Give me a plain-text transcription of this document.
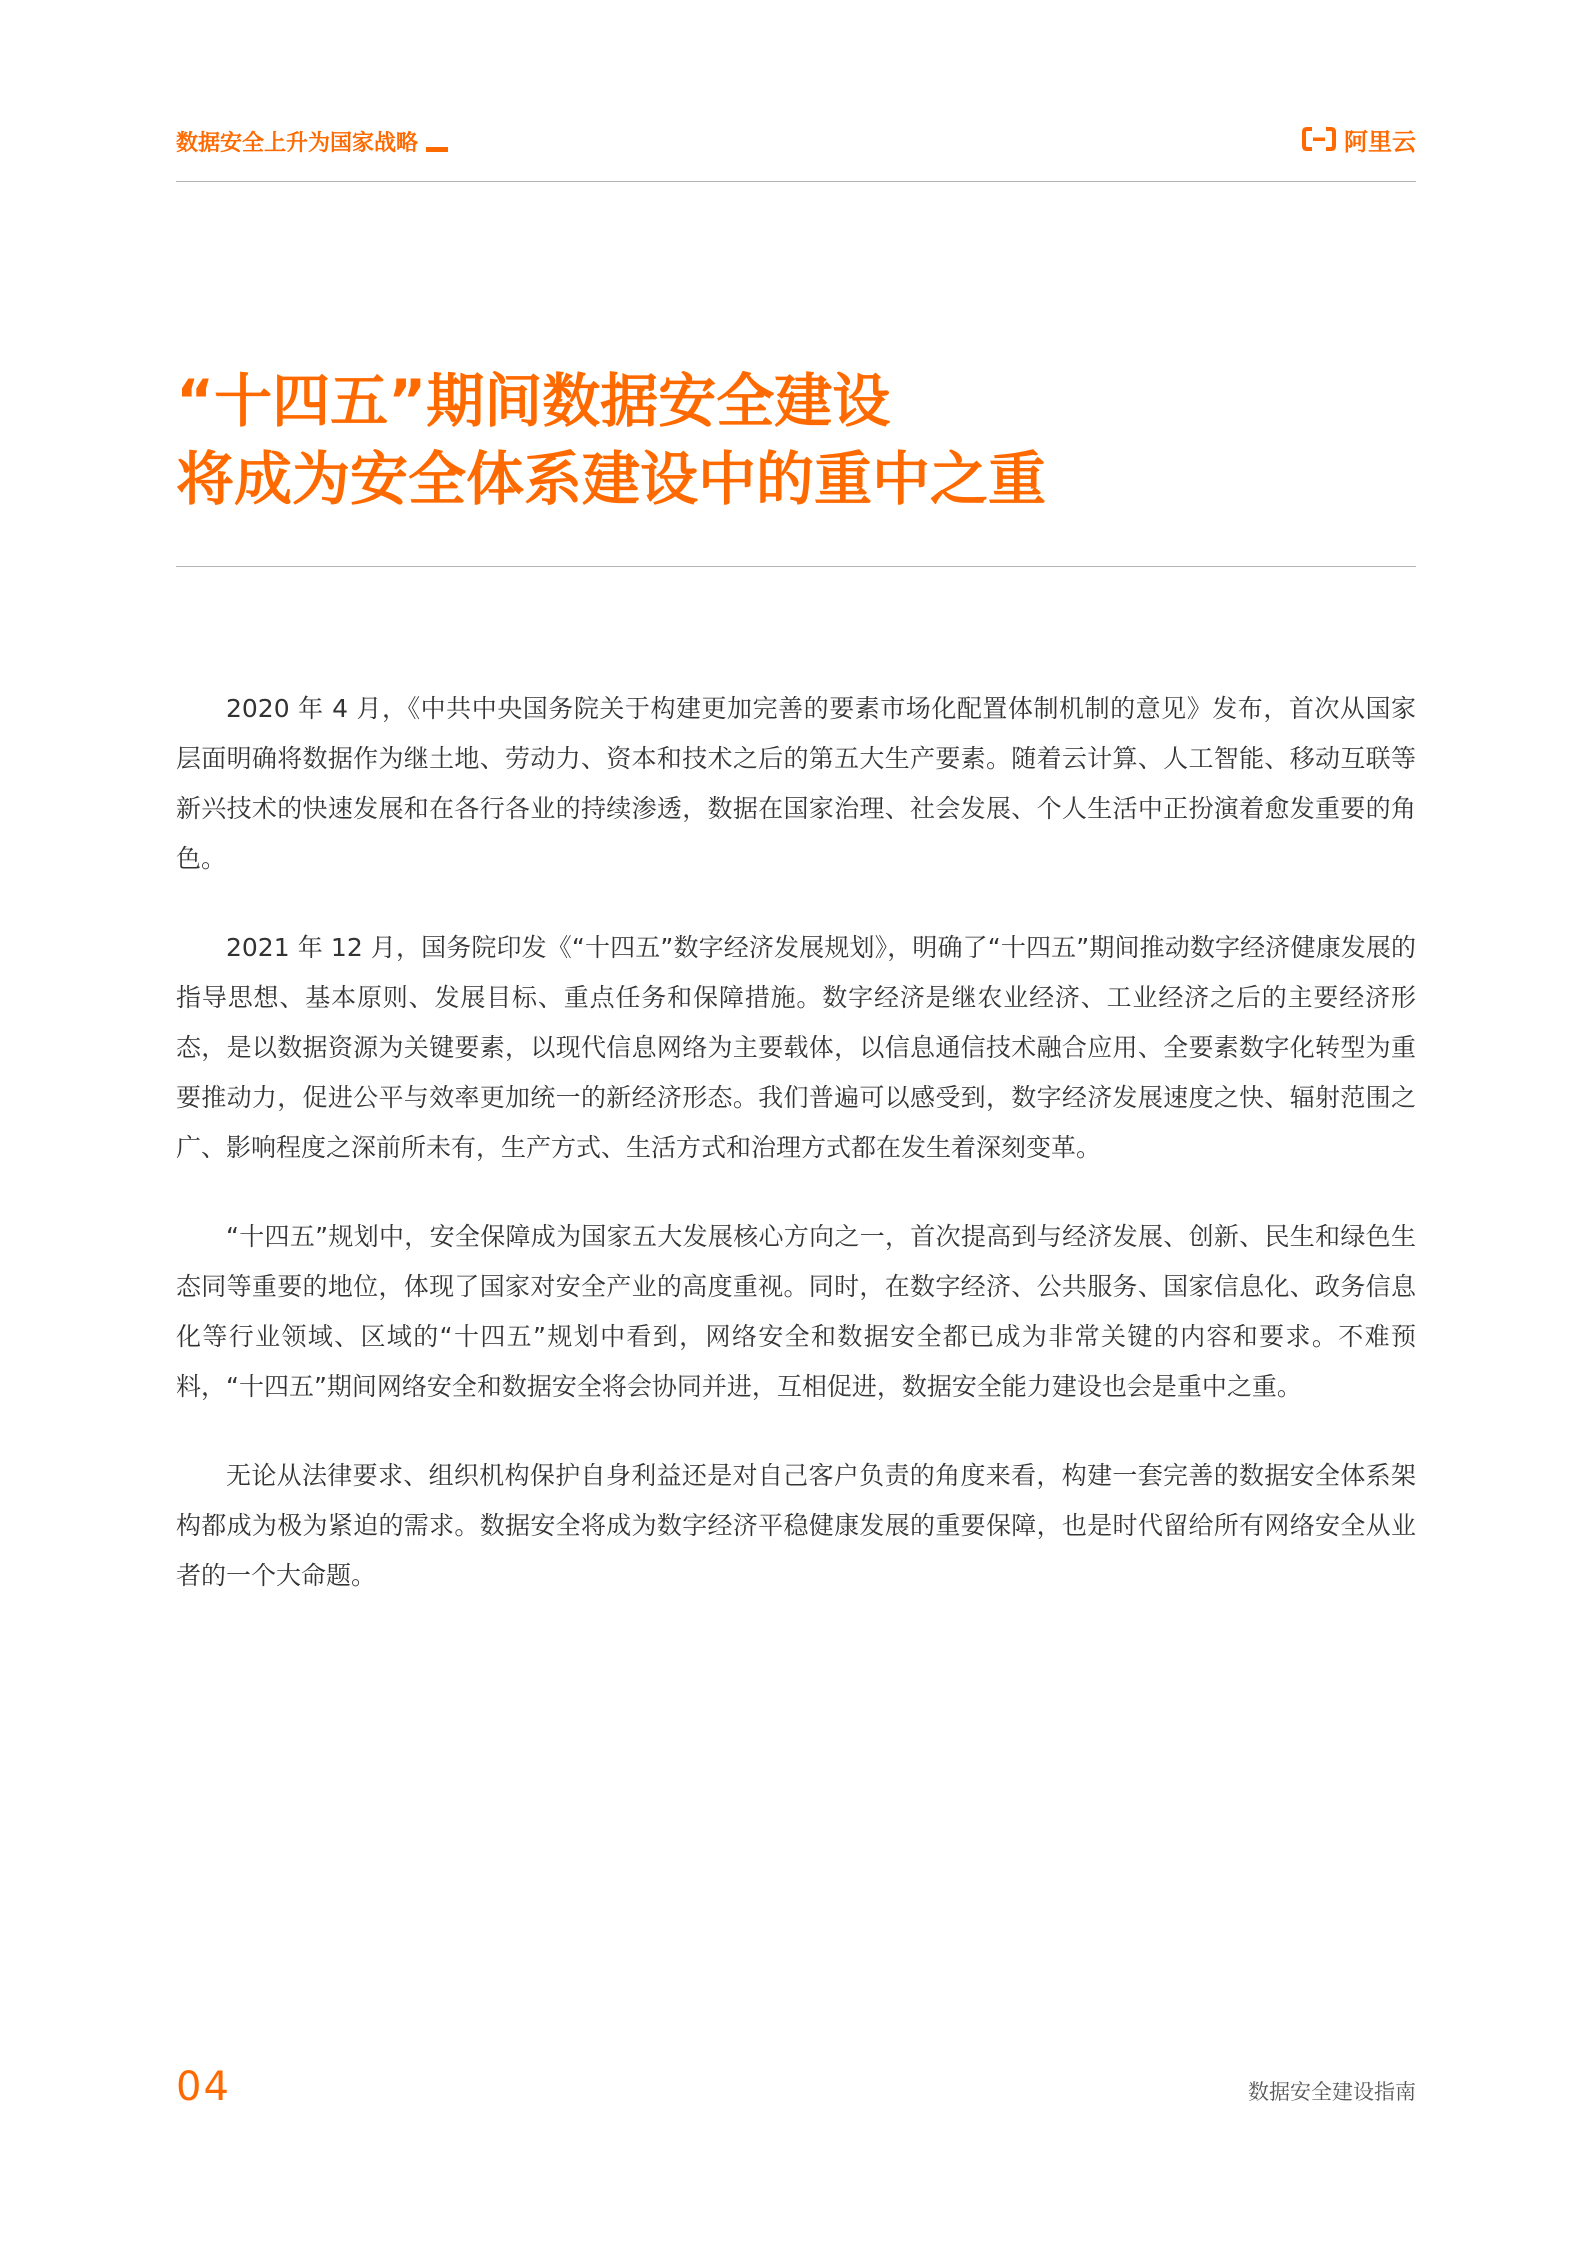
数据安全上升为国家战略	阿里云
“十四五”期间数据安全建设
将成为安全体系建设中的重中之重

2020 年 4 月，《中共中央国务院关于构建更加完善的要素市场化配置体制机制的意见》发布，首次从国家层面明确将数据作为继土地、劳动力、资本和技术之后的第五大生产要素。随着云计算、人工智能、移动互联等新兴技术的快速发展和在各行各业的持续渗透，数据在国家治理、社会发展、个人生活中正扮演着愈发重要的角色。

2021 年 12 月，国务院印发《“十四五”数字经济发展规划》，明确了“十四五”期间推动数字经济健康发展的指导思想、基本原则、发展目标、重点任务和保障措施。数字经济是继农业经济、工业经济之后的主要经济形态，是以数据资源为关键要素，以现代信息网络为主要载体，以信息通信技术融合应用、全要素数字化转型为重要推动力，促进公平与效率更加统一的新经济形态。我们普遍可以感受到，数字经济发展速度之快、辐射范围之广、影响程度之深前所未有，生产方式、生活方式和治理方式都在发生着深刻变革。

“十四五”规划中，安全保障成为国家五大发展核心方向之一，首次提高到与经济发展、创新、民生和绿色生态同等重要的地位，体现了国家对安全产业的高度重视。同时，在数字经济、公共服务、国家信息化、政务信息化等行业领域、区域的“十四五”规划中看到，网络安全和数据安全都已成为非常关键的内容和要求。不难预料，“十四五”期间网络安全和数据安全将会协同并进，互相促进，数据安全能力建设也会是重中之重。

无论从法律要求、组织机构保护自身利益还是对自己客户负责的角度来看，构建一套完善的数据安全体系架构都成为极为紧迫的需求。数据安全将成为数字经济平稳健康发展的重要保障，也是时代留给所有网络安全从业者的一个大命题。

04	数据安全建设指南
